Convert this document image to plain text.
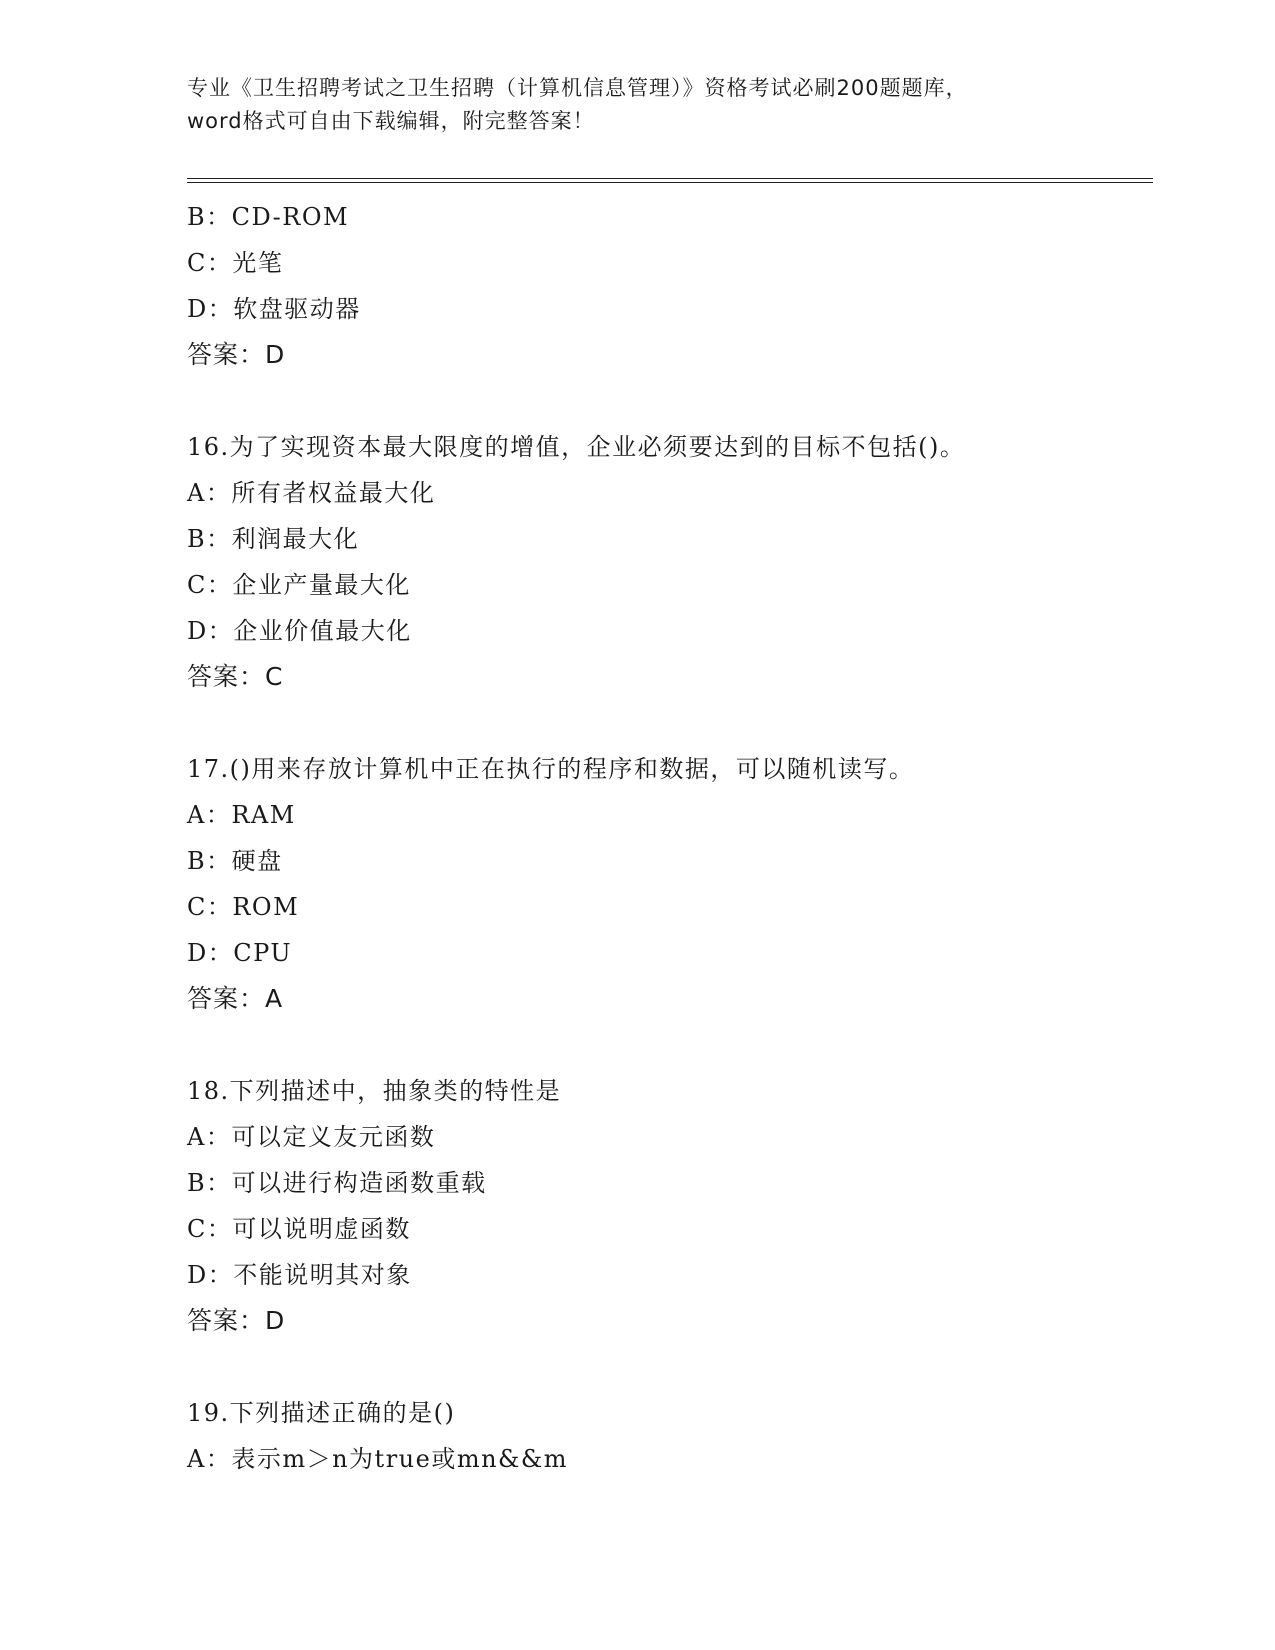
专业《卫生招聘考试之卫生招聘（计算机信息管理）》资格考试必刷200题题库，
word格式可自由下载编辑，附完整答案！
B：CD-ROM
C：光笔
D：软盘驱动器
答案：D
16.为了实现资本最大限度的增值，企业必须要达到的目标不包括()。
A：所有者权益最大化
B：利润最大化
C：企业产量最大化
D：企业价值最大化
答案：C
17.()用来存放计算机中正在执行的程序和数据，可以随机读写。
A：RAM
B：硬盘
C：ROM
D：CPU
答案：A
18.下列描述中，抽象类的特性是
A：可以定义友元函数
B：可以进行构造函数重载
C：可以说明虚函数
D：不能说明其对象
答案：D
19.下列描述正确的是()
A：表示m＞n为true或mn&&m
